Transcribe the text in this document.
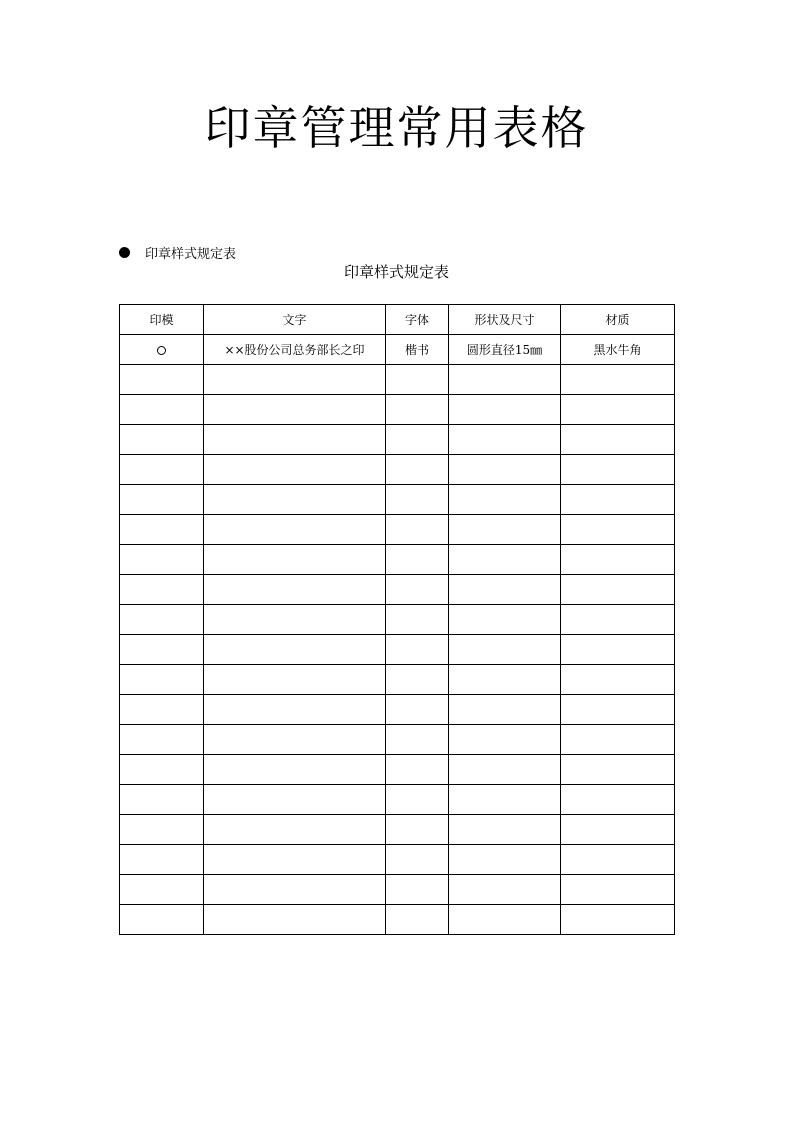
印章管理常用表格
印章样式规定表
印章样式规定表
印模	文字	字体	形状及尺寸	材质
	××股份公司总务部长之印	楷书	圆形直径15㎜	黑水牛角
